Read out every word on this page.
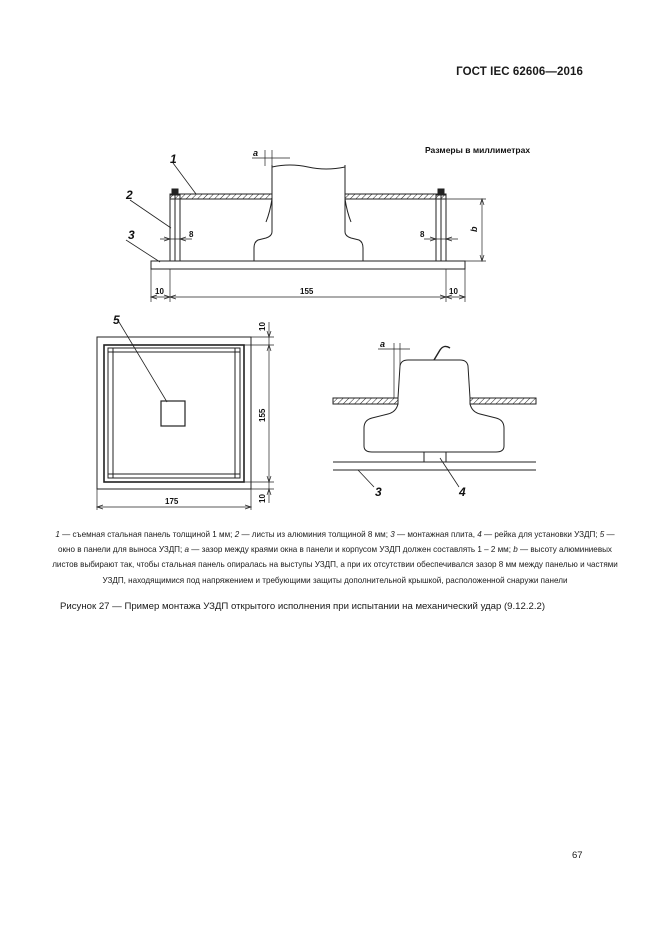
ГОСТ IEC 62606—2016
Размеры в миллиметрах
1
2
3
а
b
8	8
10	155	10
5	10
155
10
175
а
3	4
1 — съемная стальная панель толщиной 1 мм; 2 — листы из алюминия толщиной 8 мм; 3 — монтажная плита, 4 — рейка для установки УЗДП; 5 — окно в панели для выноса УЗДП; а — зазор между краями окна в панели и корпусом УЗДП должен составлять 1 – 2 мм; b — высоту алюминиевых листов выбирают так, чтобы стальная панель опиралась на выступы УЗДП, а при их отсутствии обеспечивался зазор 8 мм между панелью и частями УЗДП, находящимися под напряжением и требующими защиты дополнительной крышкой, расположенной снаружи панели
Рисунок 27 — Пример монтажа УЗДП открытого исполнения при испытании на механический удар (9.12.2.2)
67
